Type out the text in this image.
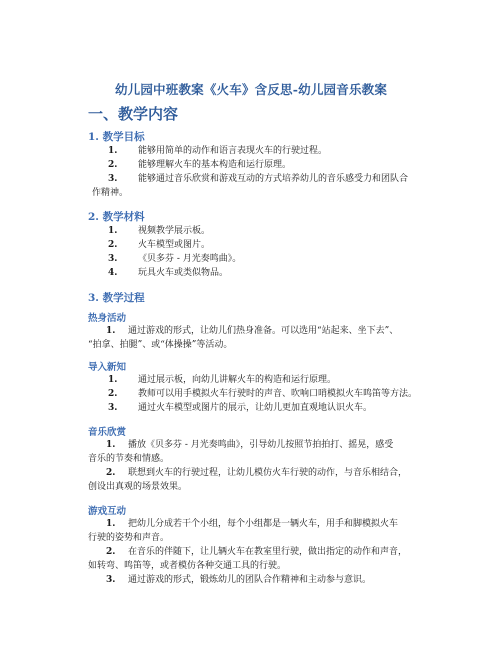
幼儿园中班教案《火车》含反思-幼儿园音乐教案
一、教学内容
1. 教学目标
1. 能够用简单的动作和语言表现火车的行驶过程。
2. 能够理解火车的基本构造和运行原理。
3. 能够通过音乐欣赏和游戏互动的方式培养幼儿的音乐感受力和团队合
作精神。
2. 教学材料
1. 视频教学展示板。
2. 火车模型或图片。
3. 《贝多芬 - 月光奏鸣曲》。
4. 玩具火车或类似物品。
3. 教学过程
热身活动
1. 通过游戏的形式，让幼儿们热身准备。可以选用“站起来、坐下去”、
“拍拿、拍腿”、或“体操操”等活动。
导入新知
1. 通过展示板，向幼儿讲解火车的构造和运行原理。
2. 教师可以用手模拟火车行驶时的声音、吹响口哨模拟火车鸣笛等方法。
3. 通过火车模型或图片的展示，让幼儿更加直观地认识火车。
音乐欣赏
1. 播放《贝多芬 - 月光奏鸣曲》，引导幼儿按照节拍拍打、摇晃，感受
音乐的节奏和情感。
2. 联想到火车的行驶过程，让幼儿模仿火车行驶的动作，与音乐相结合，
创设出真观的场景效果。
游戏互动
1. 把幼儿分成若干个小组，每个小组都是一辆火车，用手和脚模拟火车
行驶的姿势和声音。
2. 在音乐的伴随下，让儿辆火车在教室里行驶，做出指定的动作和声音，
如转弯、鸣笛等，或者模仿各种交通工具的行驶。
3. 通过游戏的形式，锻炼幼儿的团队合作精神和主动参与意识。
